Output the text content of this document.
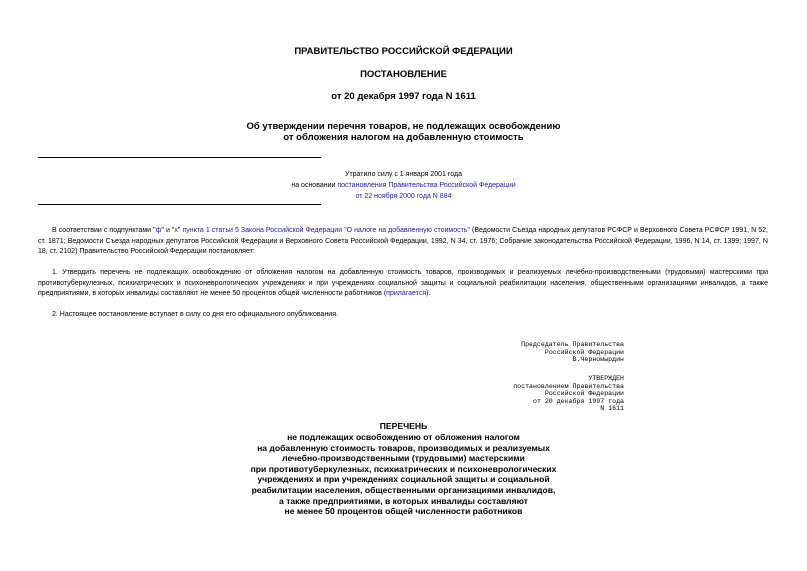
ПРАВИТЕЛЬСТВО РОССИЙСКОЙ ФЕДЕРАЦИИ
ПОСТАНОВЛЕНИЕ
от 20 декабря 1997 года N 1611
Об утверждении перечня товаров, не подлежащих освобождению
от обложения налогом на добавленную стоимость
Утратило силу с 1 января 2001 года
на основании постановления Правительства Российской Федерации
от 22 ноября 2000 года N 884
В соответствии с подпунктами "ф" и "х" пункта 1 статьи 5 Закона Российской Федерации "О налоге на добавленную стоимость" (Ведомости Съезда народных депутатов РСФСР и Верховного Совета РСФСР 1991, N 52, ст. 1871; Ведомости Съезда народных депутатов Российской Федерации и Верховного Совета Российской Федерации, 1992, N 34, ст. 1976; Собрание законодательства Российской Федерации, 1996, N 14, ст. 1399; 1997, N 18, ст. 2102) Правительство Российской Федерации постановляет:
1. Утвердить перечень не подлежащих освобождению от обложения налогом на добавленную стоимость товаров, производимых и реализуемых лечебно-производственными (трудовыми) мастерскими при противотуберкулезных, психиатрических и психоневрологических учреждениях и при учреждениях социальной защиты и социальной реабилитации населения, общественными организациями инвалидов, а также предприятиями, в которых инвалиды составляют не менее 50 процентов общей численности работников (прилагается).
2. Настоящее постановление вступает в силу со дня его официального опубликования.
Председатель Правительства
Российской Федерации
В.Черномырдин
УТВЕРЖДЕН
постановлением Правительства
Российской Федерации
от 20 декабря 1997 года
N 1611
ПЕРЕЧЕНЬ
не подлежащих освобождению от обложения налогом
на добавленную стоимость товаров, производимых и реализуемых
лечебно-производственными (трудовыми) мастерскими
при противотуберкулезных, психиатрических и психоневрологических
учреждениях и при учреждениях социальной защиты и социальной
реабилитации населения, общественными организациями инвалидов,
а также предприятиями, в которых инвалиды составляют
не менее 50 процентов общей численности работников
